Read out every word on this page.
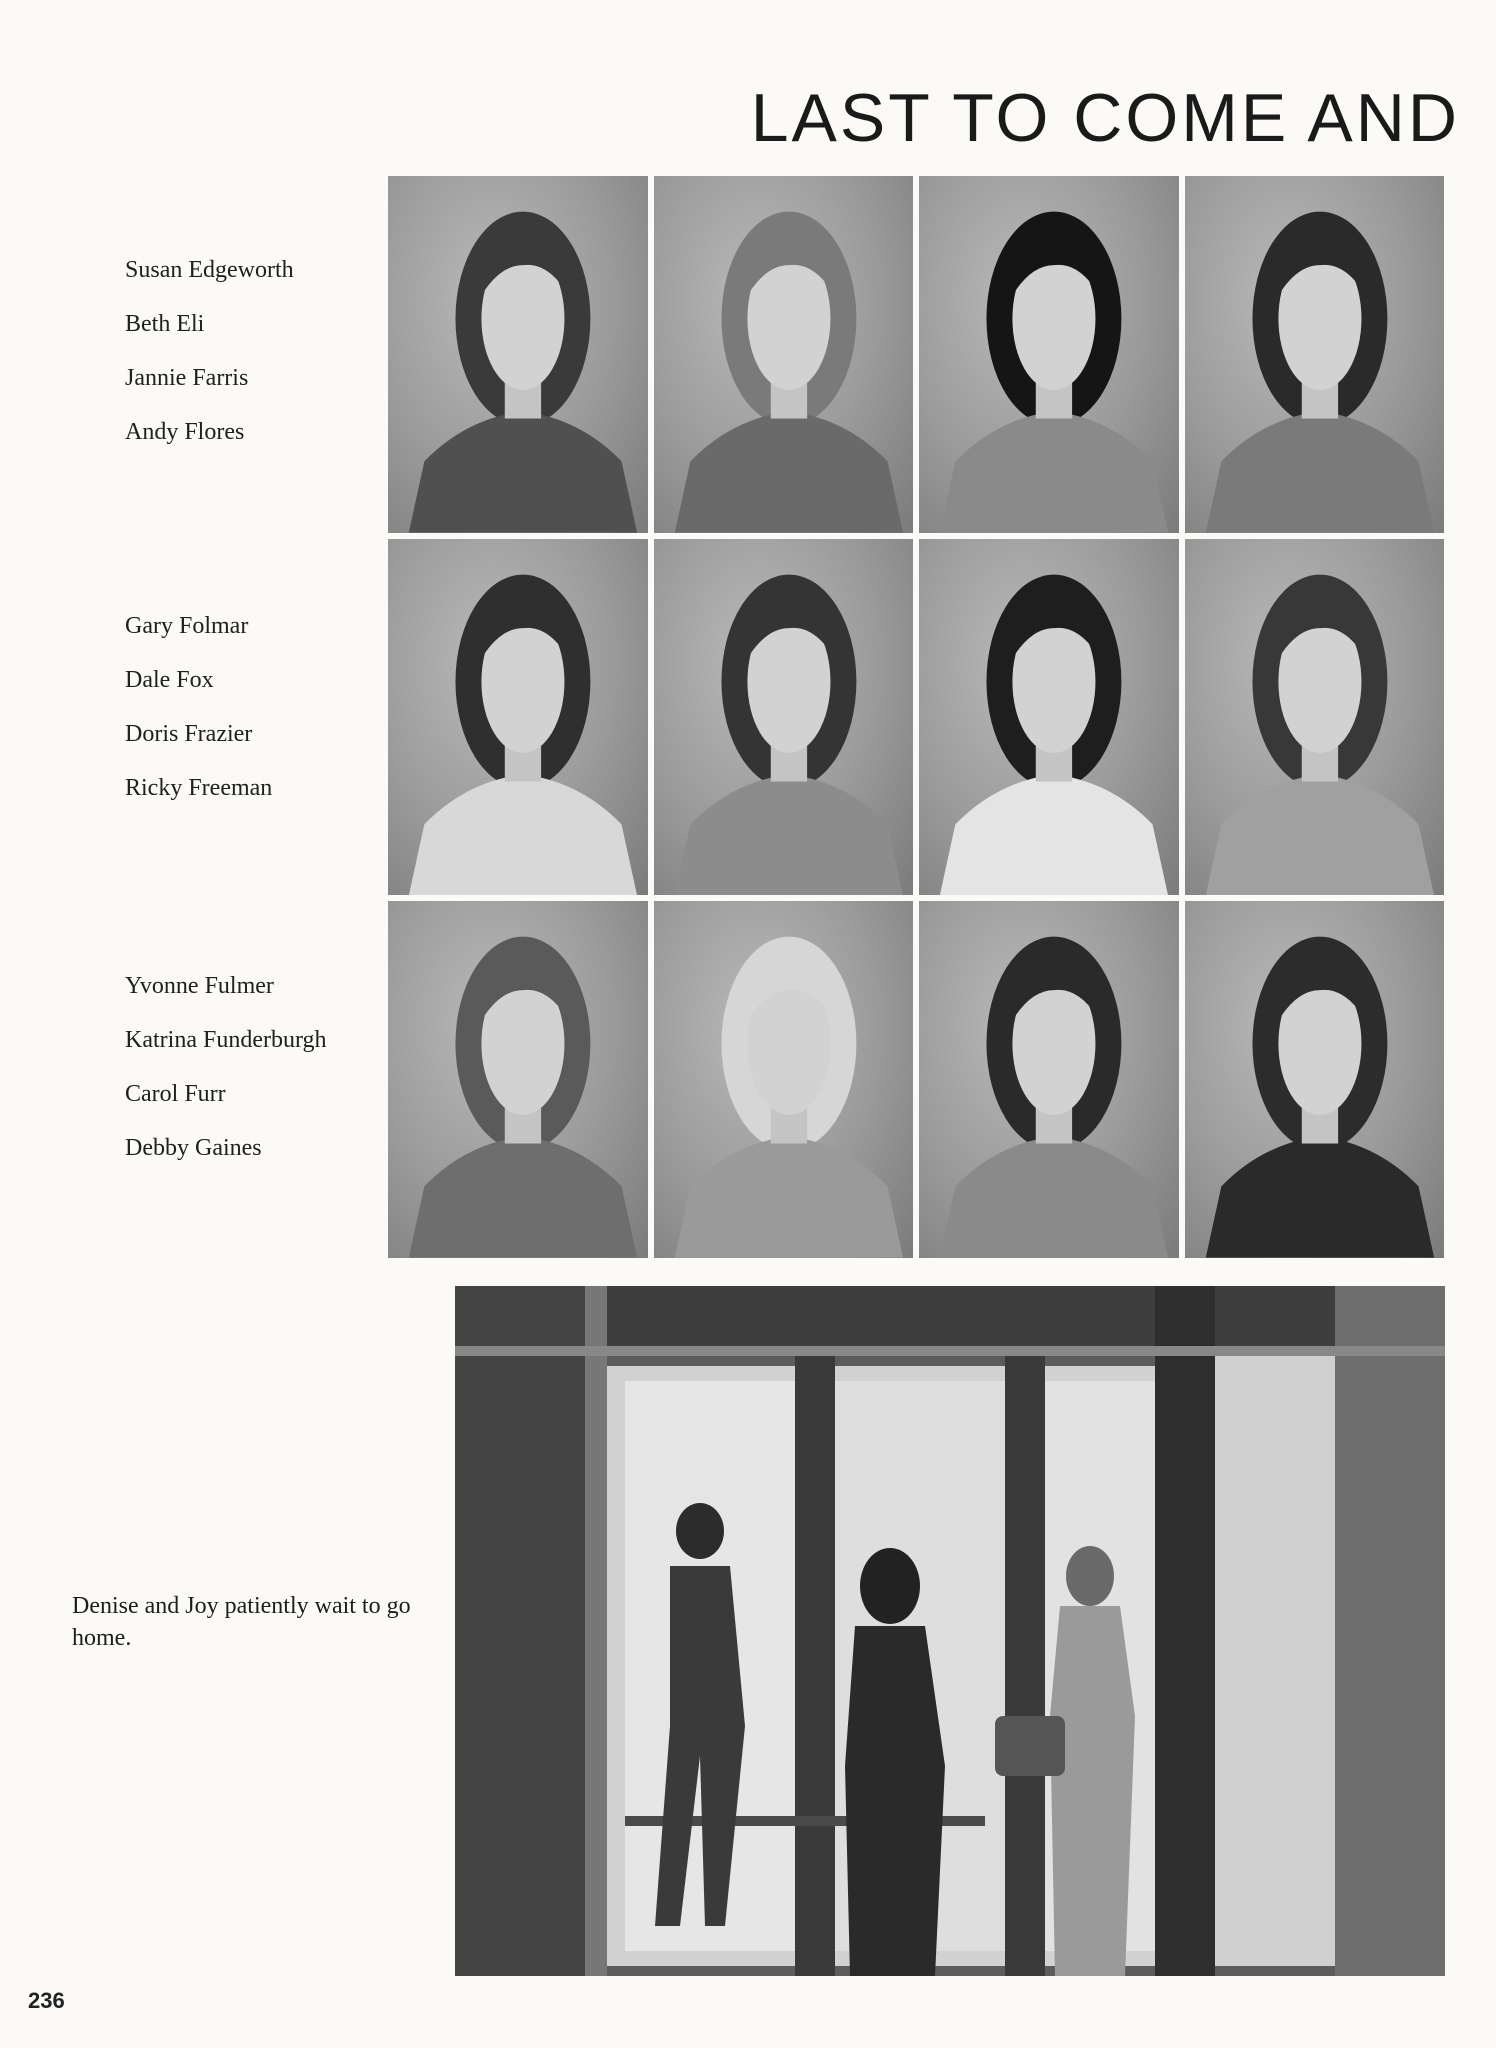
LAST TO COME AND
Susan Edgeworth
Beth Eli
Jannie Farris
Andy Flores
Gary Folmar
Dale Fox
Doris Frazier
Ricky Freeman
Yvonne Fulmer
Katrina Funderburgh
Carol Furr
Debby Gaines
Denise and Joy patiently wait to go home.
236
